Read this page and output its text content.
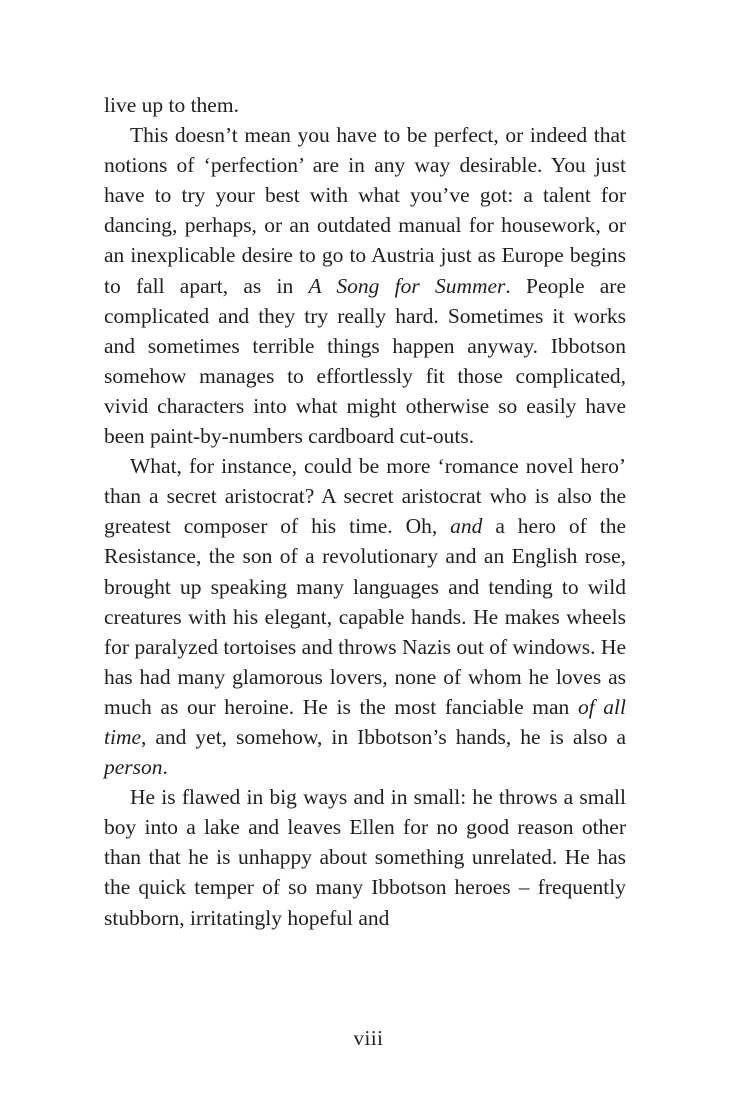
live up to them.

This doesn’t mean you have to be perfect, or indeed that notions of ‘perfection’ are in any way desirable. You just have to try your best with what you’ve got: a talent for dancing, perhaps, or an outdated manual for housework, or an inexplicable desire to go to Austria just as Europe begins to fall apart, as in A Song for Summer. People are complicated and they try really hard. Sometimes it works and sometimes terrible things happen anyway. Ibbotson somehow manages to effortlessly fit those complicated, vivid characters into what might otherwise so easily have been paint-by-numbers cardboard cut-outs.

What, for instance, could be more ‘romance novel hero’ than a secret aristocrat? A secret aristocrat who is also the greatest composer of his time. Oh, and a hero of the Resistance, the son of a revolutionary and an English rose, brought up speaking many languages and tending to wild creatures with his elegant, capable hands. He makes wheels for paralyzed tortoises and throws Nazis out of windows. He has had many glamorous lovers, none of whom he loves as much as our heroine. He is the most fanciable man of all time, and yet, somehow, in Ibbotson’s hands, he is also a person.

He is flawed in big ways and in small: he throws a small boy into a lake and leaves Ellen for no good reason other than that he is unhappy about something unrelated. He has the quick temper of so many Ibbotson heroes – frequently stubborn, irritatingly hopeful and

viii
